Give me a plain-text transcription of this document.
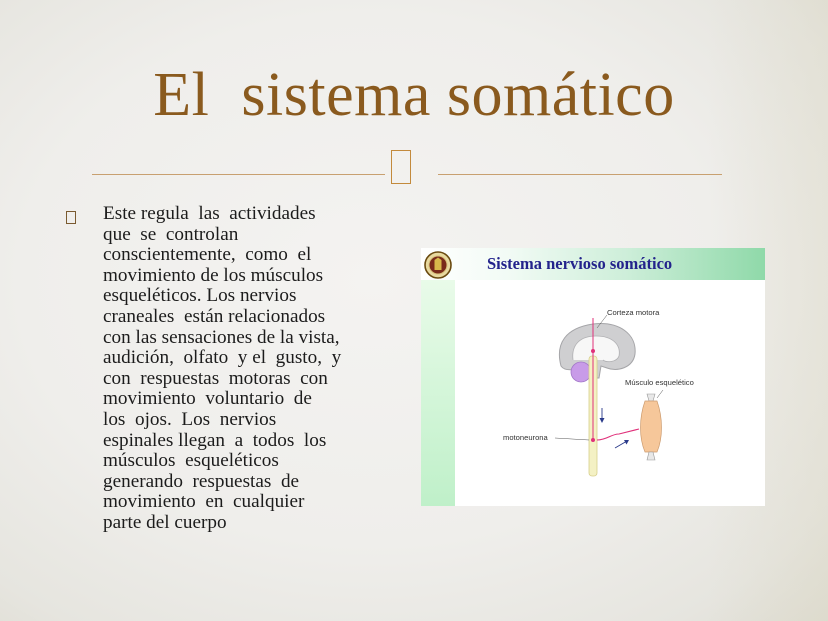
El  sistema somático

Este regula  las  actividades
que  se  controlan
conscientemente,  como  el
movimiento de los músculos
esqueléticos. Los nervios
craneales  están relacionados
con las sensaciones de la vista,
audición,  olfato  y el  gusto,  y
con  respuestas  motoras  con
movimiento  voluntario  de
los  ojos.  Los  nervios
espinales llegan  a  todos  los
músculos  esqueléticos
generando  respuestas  de
movimiento  en  cualquier
parte del cuerpo

Sistema nervioso somático
Corteza motora
Músculo esquelético
motoneurona
